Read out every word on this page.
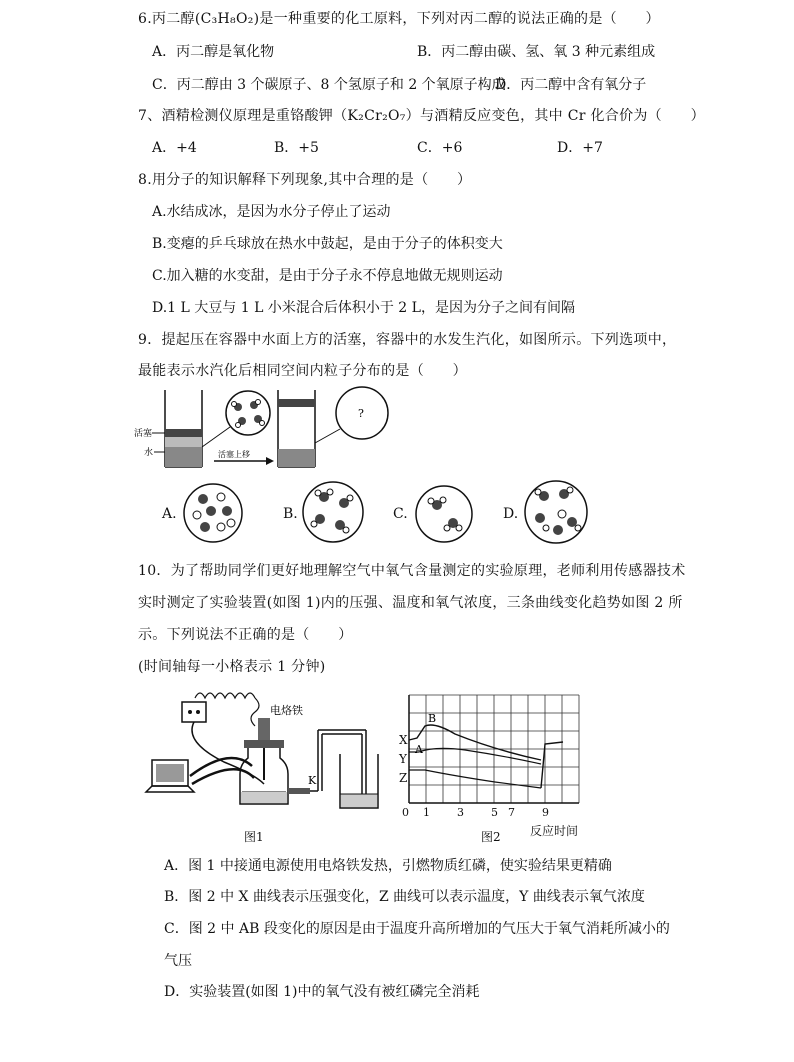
6.丙二醇(C₃H₈O₂)是一种重要的化工原料，下列对丙二醇的说法正确的是（　　）
A．丙二醇是氧化物	B．丙二醇由碳、氢、氧 3 种元素组成
C．丙二醇由 3 个碳原子、8 个氢原子和 2 个氧原子构成
D．丙二醇中含有氧分子
7、酒精检测仪原理是重铬酸钾（K₂Cr₂O₇）与酒精反应变色，其中 Cr 化合价为（　　）
A．+4	B．+5	C．+6	D．+7
8.用分子的知识解释下列现象,其中合理的是（　　）
A.水结成冰，是因为水分子停止了运动
B.变瘪的乒乓球放在热水中鼓起，是由于分子的体积变大
C.加入糖的水变甜，是由于分子永不停息地做无规则运动
D.1 L 大豆与 1 L 小米混合后体积小于 2 L，是因为分子之间有间隔
9．提起压在容器中水面上方的活塞，容器中的水发生汽化，如图所示。下列选项中，
最能表示水汽化后相同空间内粒子分布的是（　　）
活塞
水	活塞上移
?
A.	B.	C.	D.
10．为了帮助同学们更好地理解空气中氧气含量测定的实验原理，老师利用传感器技术
实时测定了实验装置(如图 1)内的压强、温度和氧气浓度，三条曲线变化趋势如图 2 所
示。下列说法不正确的是（　　）
(时间轴每一小格表示 1 分钟)
电烙铁
K
图1
A
B
X
Y
Z
0 1 3 5 7 9
反应时间
图2
A．图 1 中接通电源使用电烙铁发热，引燃物质红磷，使实验结果更精确
B．图 2 中 X 曲线表示压强变化，Z 曲线可以表示温度，Y 曲线表示氧气浓度
C．图 2 中 AB 段变化的原因是由于温度升高所增加的气压大于氧气消耗所减小的
气压
D．实验装置(如图 1)中的氧气没有被红磷完全消耗
